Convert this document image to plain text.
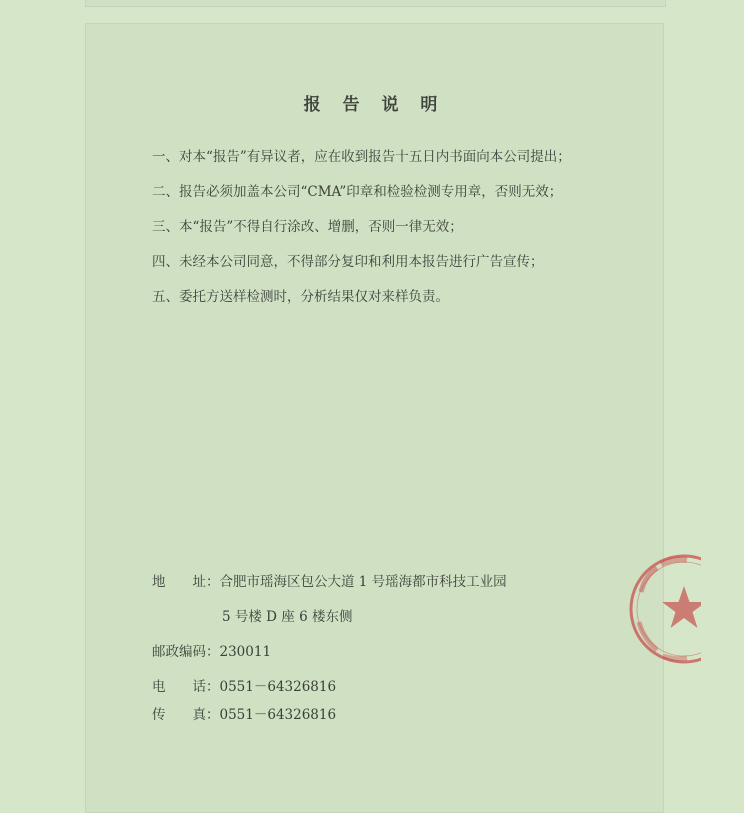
报 告 说 明
一、对本“报告”有异议者，应在收到报告十五日内书面向本公司提出；
二、报告必须加盖本公司“CMA”印章和检验检测专用章，否则无效；
三、本“报告”不得自行涂改、增删，否则一律无效；
四、未经本公司同意，不得部分复印和利用本报告进行广告宣传；
五、委托方送样检测时，分析结果仅对来样负责。
地　　址：合肥市瑶海区包公大道 1 号瑶海都市科技工业园
5 号楼 D 座 6 楼东侧
邮政编码：230011
电　　话：0551－64326816
传　　真：0551－64326816
